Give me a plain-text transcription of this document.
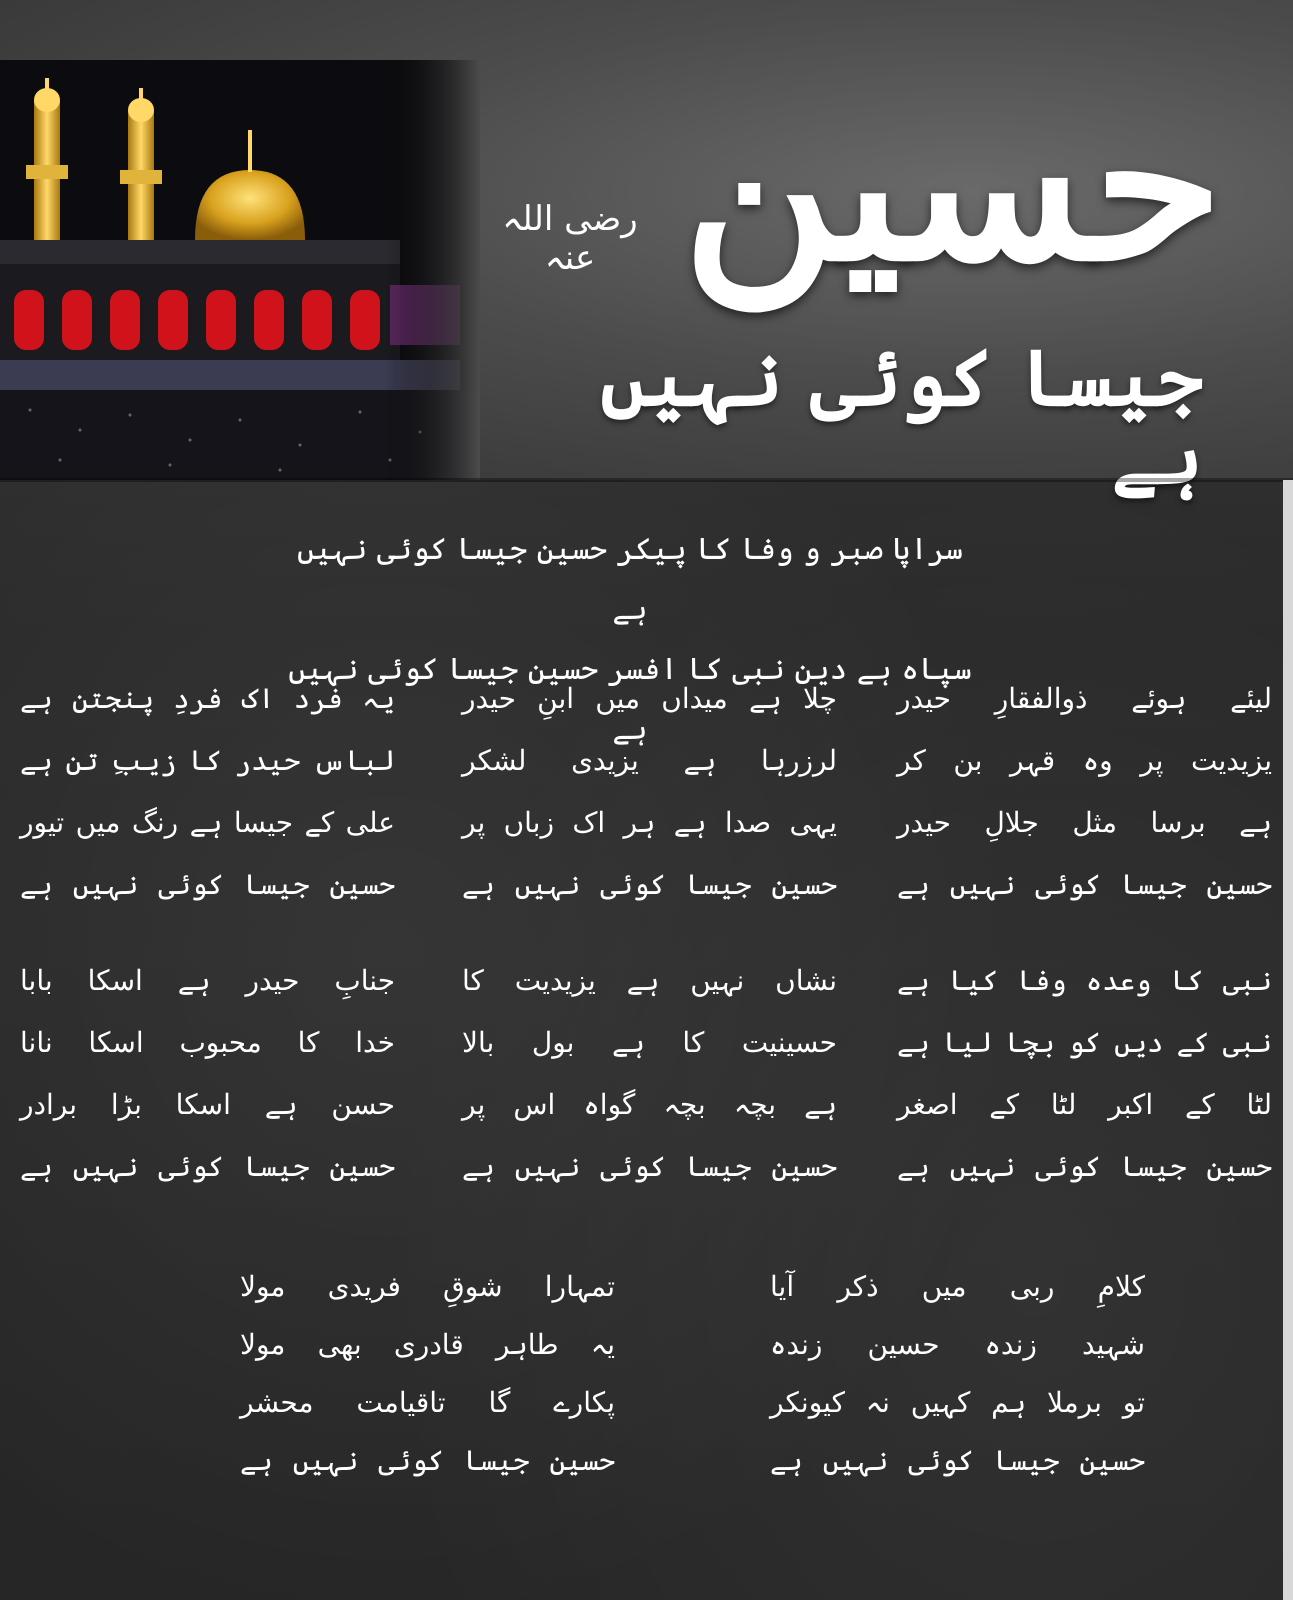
رضی اللہ عنہ حسین
جیسا کوئی نہیں ہے
سراپا صبر و وفا کا پیکر حسین جیسا کوئی نہیں ہے
سپاہ ہے دین نبی کا افسر حسین جیسا کوئی نہیں ہے
لیئے ہوئے ذوالفقارِ حیدر
یزیدیت پر وہ قہر بن کر
ہے برسا مثل جلالِ حیدر
حسین جیسا کوئی نہیں ہے
چلا ہے میداں میں ابنِ حیدر
لرزرہا ہے یزیدی لشکر
یہی صدا ہے ہر اک زباں پر
حسین جیسا کوئی نہیں ہے
یہ فرد اک فردِ پنجتن ہے
لباس حیدر کا زیبِ تن ہے
علی کے جیسا ہے رنگ میں تیور
حسین جیسا کوئی نہیں ہے
نبی کا وعدہ وفا کیا ہے
نبی کے دیں کو بچا لیا ہے
لٹا کے اکبر لٹا کے اصغر
حسین جیسا کوئی نہیں ہے
نشاں نہیں ہے یزیدیت کا
حسینیت کا ہے بول بالا
ہے بچہ بچہ گواہ اس پر
حسین جیسا کوئی نہیں ہے
جنابِ حیدر ہے اسکا بابا
خدا کا محبوب اسکا نانا
حسن ہے اسکا بڑا برادر
حسین جیسا کوئی نہیں ہے
کلامِ ربی میں ذکر آیا
شہید زندہ حسین زندہ
تو برملا ہم کہیں نہ کیونکر
حسین جیسا کوئی نہیں ہے
تمہارا شوقِ فریدی مولا
یہ طاہر قادری بھی مولا
پکارے گا تاقیامت محشر
حسین جیسا کوئی نہیں ہے
